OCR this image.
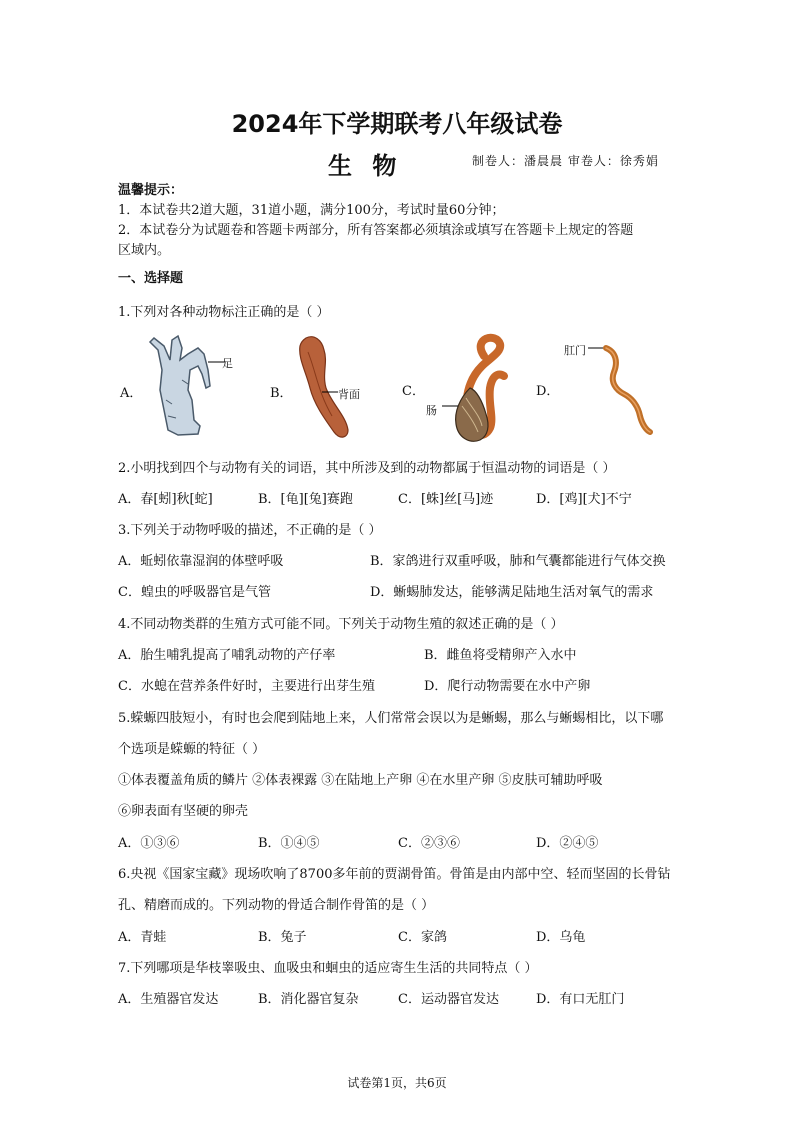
2024年下学期联考八年级试卷
生 物	制卷人：潘晨晨 审卷人：徐秀娟
温馨提示：
1．本试卷共2道大题，31道小题，满分100分，考试时量60分钟；
2．本试卷分为试题卷和答题卡两部分，所有答案都必须填涂或填写在答题卡上规定的答题
区域内。
一、选择题
1.下列对各种动物标注正确的是（ ）
A．
足
B．	背面	C．
肠
D．
肛门
2.小明找到四个与动物有关的词语，其中所涉及到的动物都属于恒温动物的词语是（ ）
A．春[蚓]秋[蛇]	B．[龟][兔]赛跑	C．[蛛]丝[马]迹	D．[鸡][犬]不宁
3.下列关于动物呼吸的描述，不正确的是（ ）
A．蚯蚓依靠湿润的体壁呼吸	B．家鸽进行双重呼吸，肺和气囊都能进行气体交换
C．蝗虫的呼吸器官是气管	D．蜥蜴肺发达，能够满足陆地生活对氧气的需求
4.不同动物类群的生殖方式可能不同。下列关于动物生殖的叙述正确的是（ ）
A．胎生哺乳提高了哺乳动物的产仔率	B．雌鱼将受精卵产入水中
C．水螅在营养条件好时，主要进行出芽生殖	D．爬行动物需要在水中产卵
5.蝾螈四肢短小，有时也会爬到陆地上来，人们常常会误以为是蜥蜴，那么与蜥蜴相比，以下哪
个选项是蝾螈的特征（ ）
①体表覆盖角质的鳞片 ②体表裸露 ③在陆地上产卵 ④在水里产卵 ⑤皮肤可辅助呼吸
⑥卵表面有坚硬的卵壳
A．①③⑥	B．①④⑤	C．②③⑥	D．②④⑤
6.央视《国家宝藏》现场吹响了8700多年前的贾湖骨笛。骨笛是由内部中空、轻而坚固的长骨钻
孔、精磨而成的。下列动物的骨适合制作骨笛的是（ ）
A．青蛙	B．兔子	C．家鸽	D．乌龟
7.下列哪项是华枝睾吸虫、血吸虫和蛔虫的适应寄生生活的共同特点（ ）
A．生殖器官发达	B．消化器官复杂	C．运动器官发达	D．有口无肛门
试卷第1页，共6页
